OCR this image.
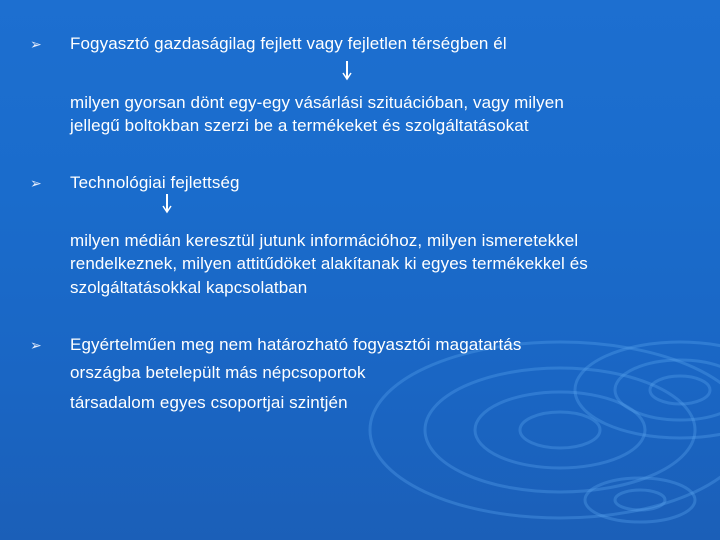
➢ Fogyasztó gazdaságilag fejlett vagy fejletlen térségben él
milyen gyorsan dönt egy-egy vásárlási szituációban, vagy milyen
jellegű boltokban szerzi be a termékeket és szolgáltatásokat
➢ Technológiai fejlettség
milyen médián keresztül jutunk információhoz, milyen ismeretekkel
rendelkeznek, milyen attitűdöket alakítanak ki egyes termékekkel és
szolgáltatásokkal kapcsolatban
➢ Egyértelműen meg nem határozható fogyasztói magatartás
országba betelepült más népcsoportok
társadalom egyes csoportjai szintjén
